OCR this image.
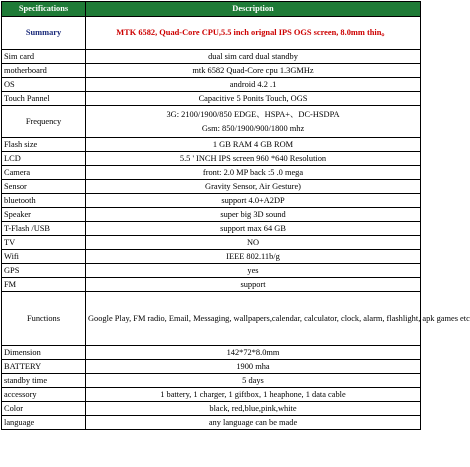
Specifications	Description
Summary	MTK 6582, Quad-Core CPU,5.5 inch orignal IPS OGS screen, 8.0mm thin。
Sim card	dual sim card dual standby
motherboard	mtk 6582 Quad-Core cpu 1.3GMHz
OS	android 4.2 .1
Touch Pannel	Capacitive 5 Ponits Touch, OGS
Frequency	3G: 2100/1900/850 EDGE、HSPA+、DC-HSDPA
Gsm: 850/1900/900/1800 mhz

Flash size	1 GB RAM 4 GB ROM
LCD	5.5 ' INCH IPS screen 960 *640 Resolution
Camera	front: 2.0 MP back :5 .0 mega
Sensor	Gravity Sensor, Air Gesture)
bluetooth	support 4.0+A2DP
Speaker	super big 3D sound
T-Flash /USB	support max 64 GB
TV	NO
Wifi	IEEE 802.11b/g
GPS	yes
FM	support
Functions	Google Play, FM radio, Email, Messaging, wallpapers,calendar, calculator, clock, alarm, flashlight, apk games etc
Dimension	142*72*8.0mm
BATTERY	1900 mha
standby time	5 days
accessory	1 battery, 1 charger, 1 giftbox, 1 heaphone, 1 data cable
Color	black, red,blue,pink,white
language	any language can be made
